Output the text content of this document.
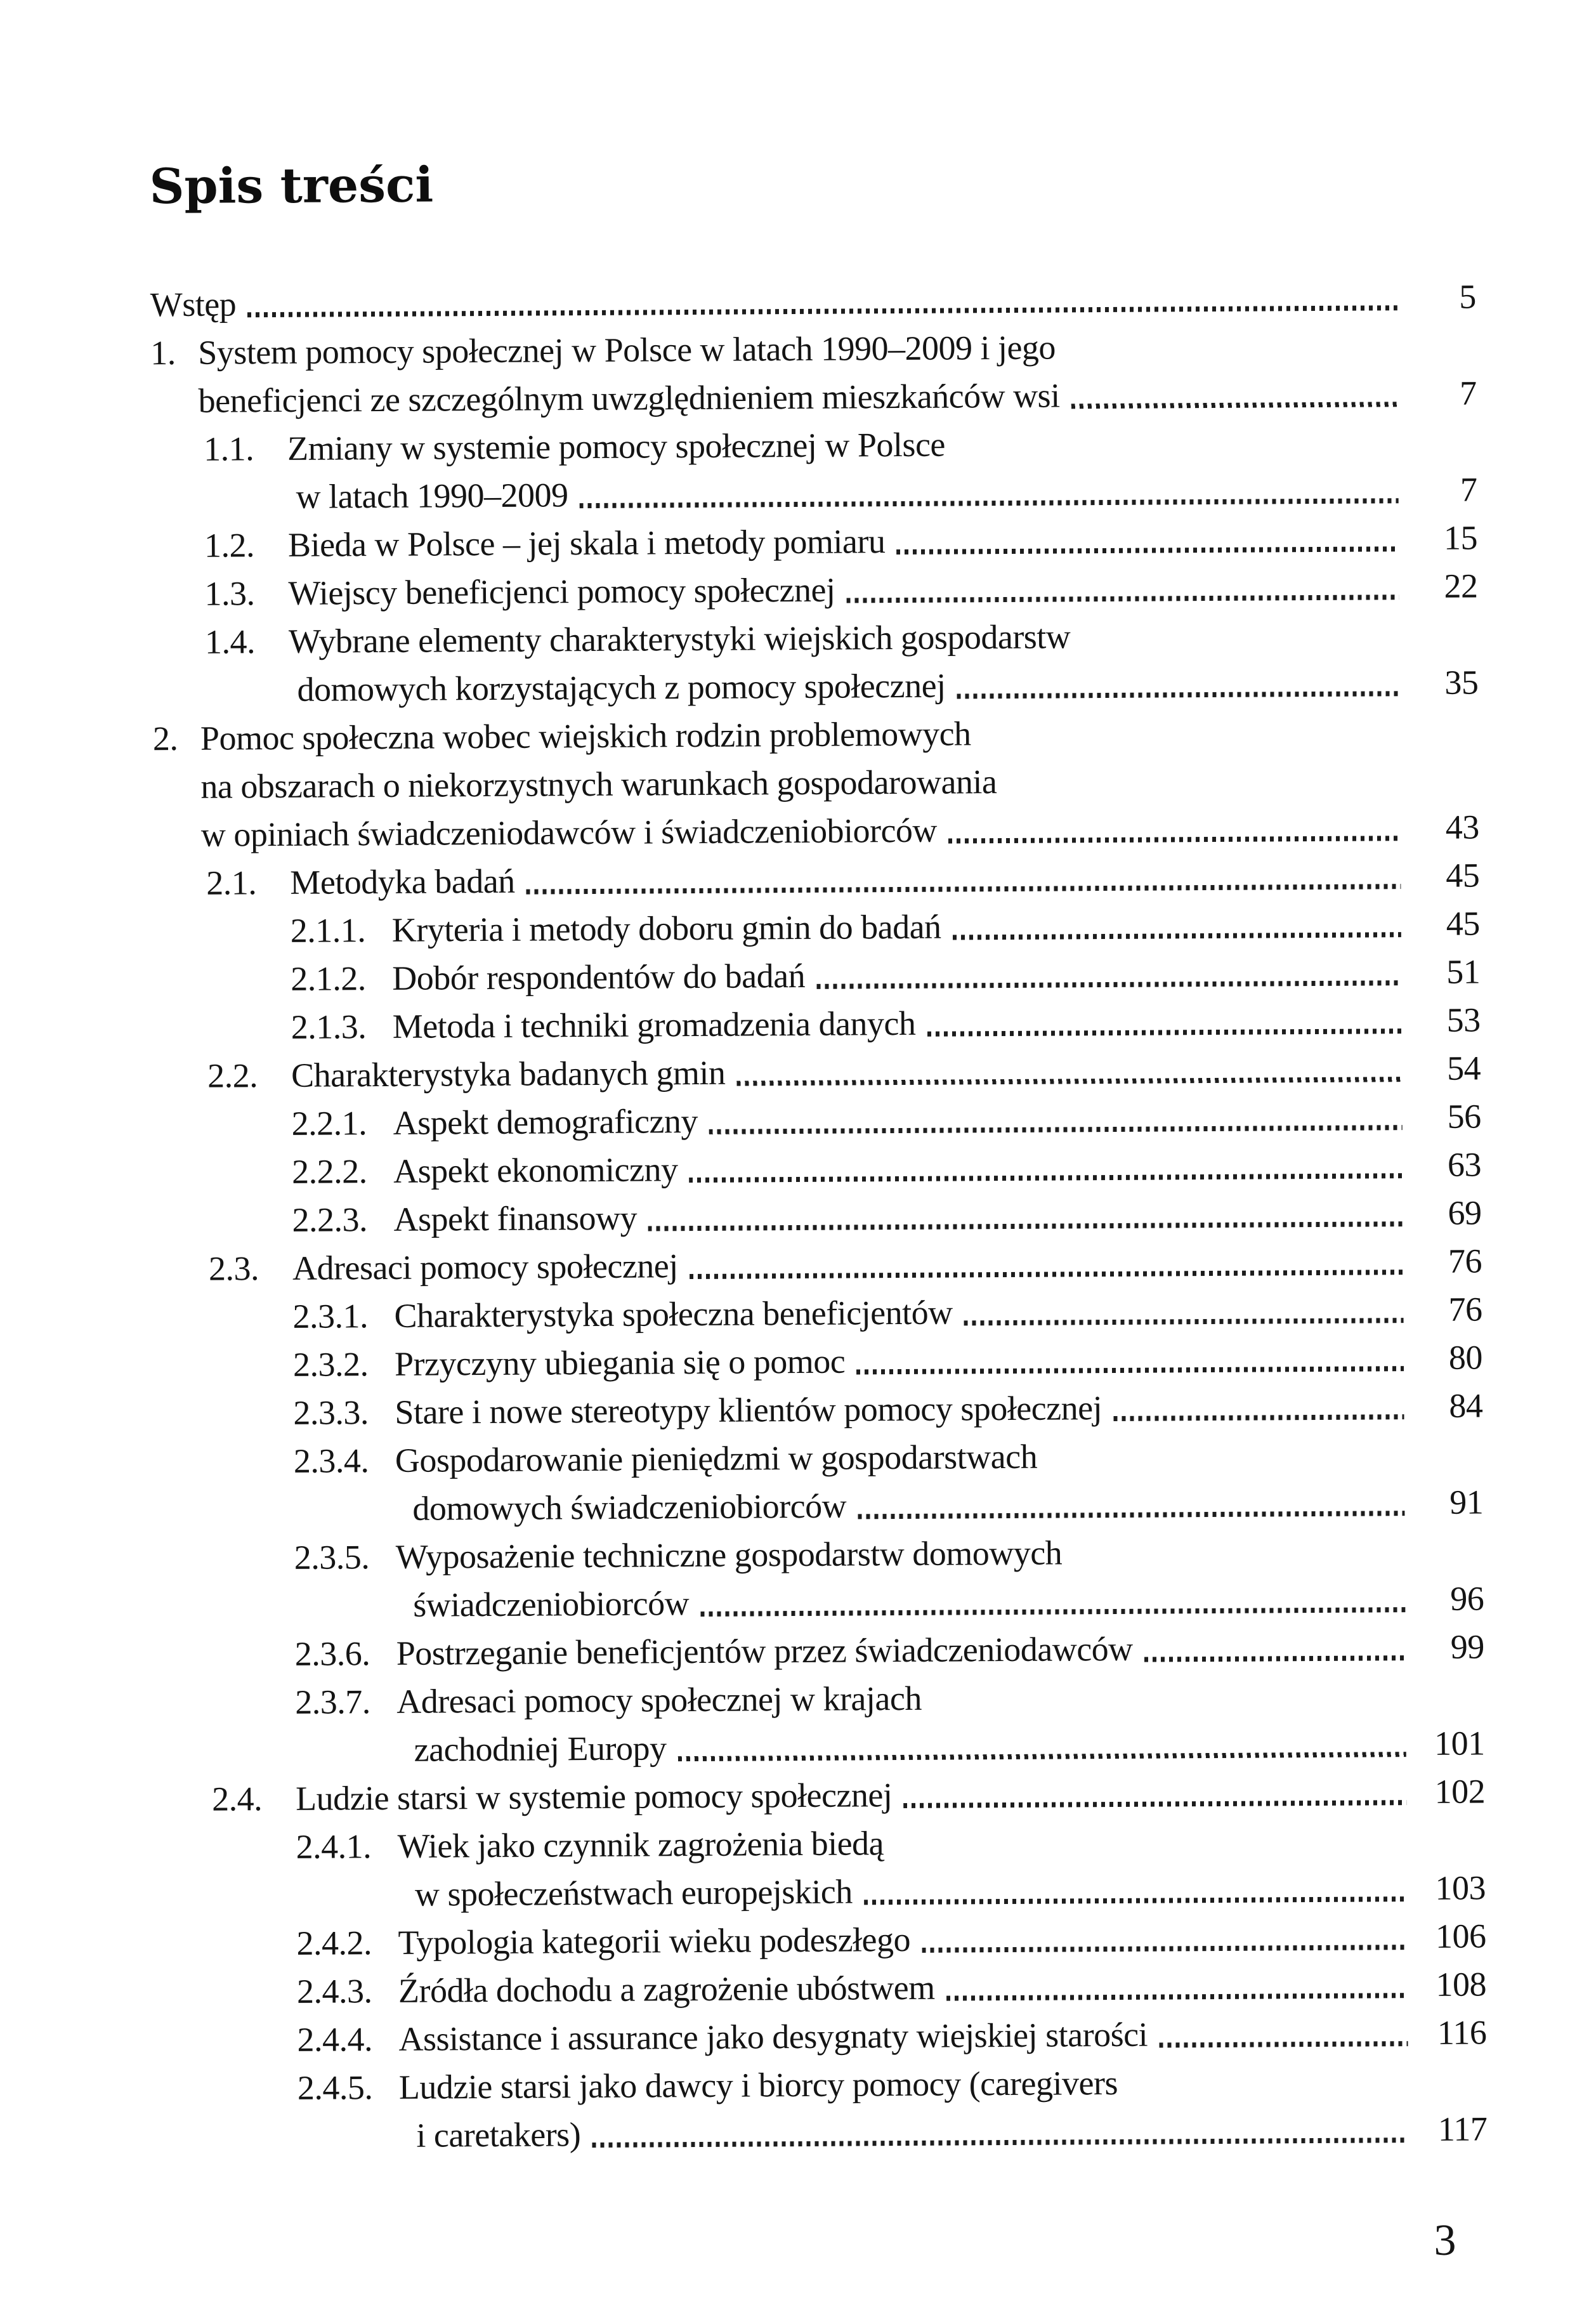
Spis treści
Wstęp	5
1. System pomocy społecznej w Polsce w latach 1990–2009 i jego
beneficjenci ze szczególnym uwzględnieniem mieszkańców wsi	7
1.1. Zmiany w systemie pomocy społecznej w Polsce
w latach 1990–2009	7
1.2. Bieda w Polsce – jej skala i metody pomiaru	15
1.3. Wiejscy beneficjenci pomocy społecznej	22
1.4. Wybrane elementy charakterystyki wiejskich gospodarstw
domowych korzystających z pomocy społecznej	35
2. Pomoc społeczna wobec wiejskich rodzin problemowych
na obszarach o niekorzystnych warunkach gospodarowania
w opiniach świadczeniodawców i świadczeniobiorców	43
2.1. Metodyka badań	45
2.1.1. Kryteria i metody doboru gmin do badań	45
2.1.2. Dobór respondentów do badań	51
2.1.3. Metoda i techniki gromadzenia danych	53
2.2. Charakterystyka badanych gmin	54
2.2.1. Aspekt demograficzny	56
2.2.2. Aspekt ekonomiczny	63
2.2.3. Aspekt finansowy	69
2.3. Adresaci pomocy społecznej	76
2.3.1. Charakterystyka społeczna beneficjentów	76
2.3.2. Przyczyny ubiegania się o pomoc	80
2.3.3. Stare i nowe stereotypy klientów pomocy społecznej	84
2.3.4. Gospodarowanie pieniędzmi w gospodarstwach
domowych świadczeniobiorców	91
2.3.5. Wyposażenie techniczne gospodarstw domowych
świadczeniobiorców	96
2.3.6. Postrzeganie beneficjentów przez świadczeniodawców	99
2.3.7. Adresaci pomocy społecznej w krajach
zachodniej Europy	101
2.4. Ludzie starsi w systemie pomocy społecznej	102
2.4.1. Wiek jako czynnik zagrożenia biedą
w społeczeństwach europejskich	103
2.4.2. Typologia kategorii wieku podeszłego	106
2.4.3. Źródła dochodu a zagrożenie ubóstwem	108
2.4.4. Assistance i assurance jako desygnaty wiejskiej starości	116
2.4.5. Ludzie starsi jako dawcy i biorcy pomocy (caregivers
i caretakers)	117
3
